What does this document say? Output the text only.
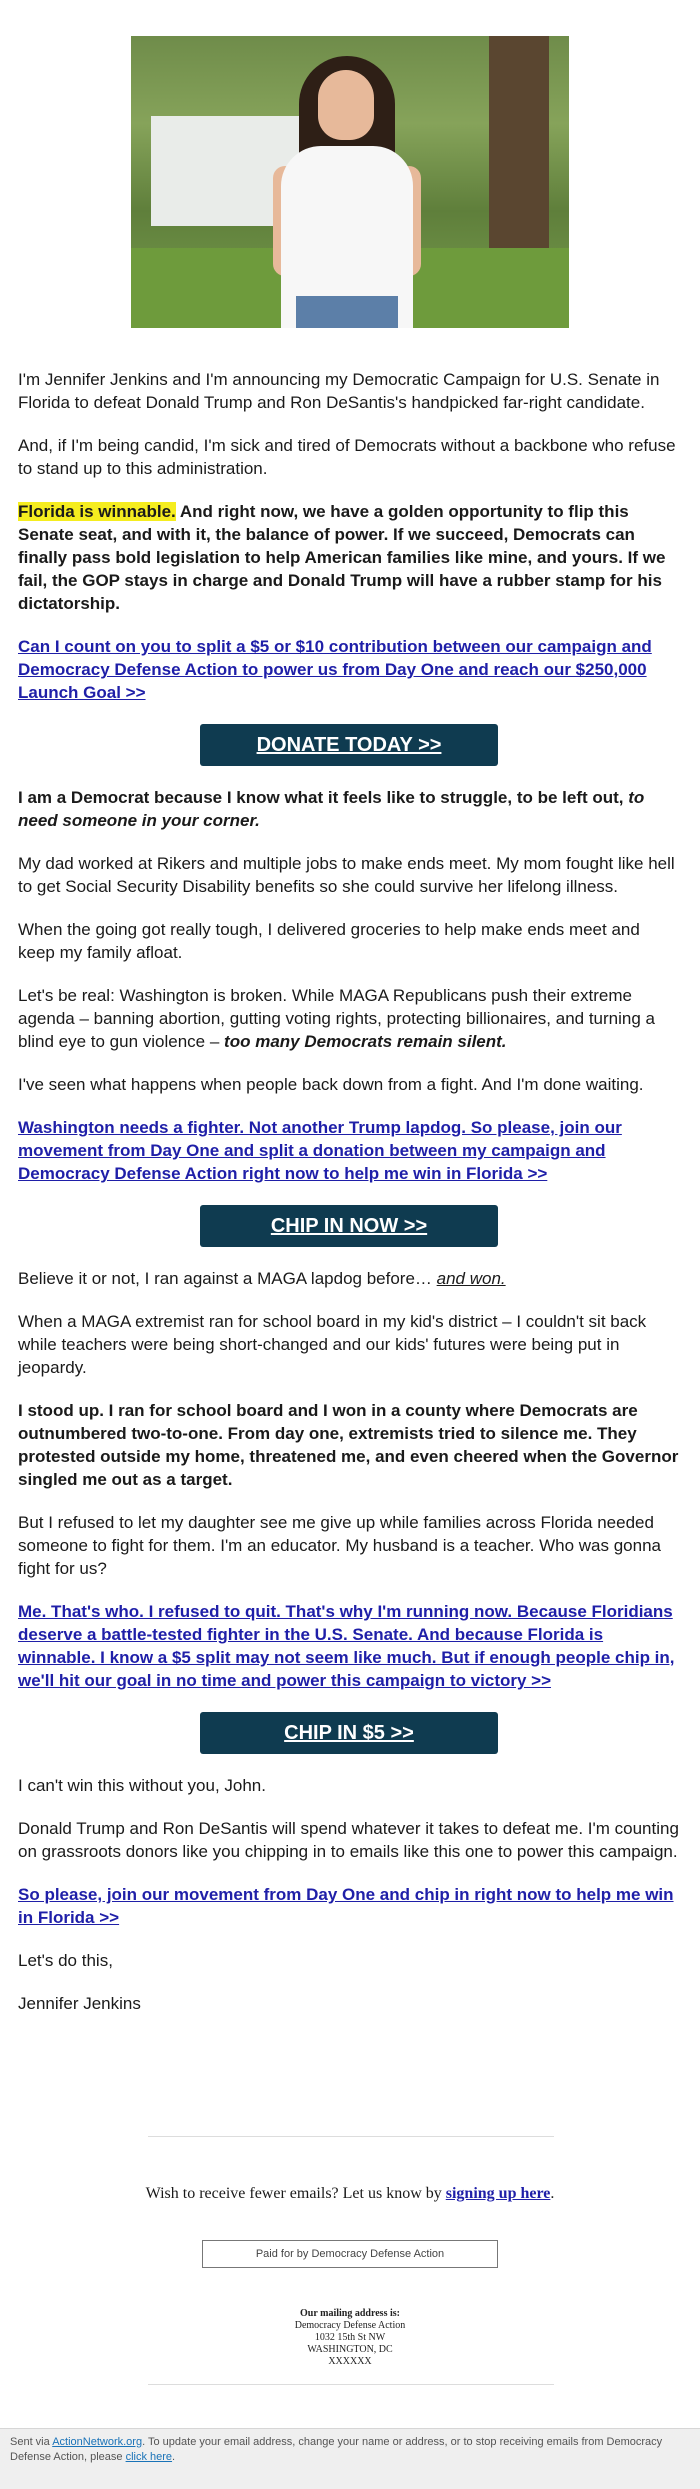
I'm Jennifer Jenkins and I'm announcing my Democratic Campaign for U.S. Senate in Florida to defeat Donald Trump and Ron DeSantis's handpicked far-right candidate.

And, if I'm being candid, I'm sick and tired of Democrats without a backbone who refuse to stand up to this administration.

Florida is winnable. And right now, we have a golden opportunity to flip this Senate seat, and with it, the balance of power. If we succeed, Democrats can finally pass bold legislation to help American families like mine, and yours. If we fail, the GOP stays in charge and Donald Trump will have a rubber stamp for his dictatorship.

Can I count on you to split a $5 or $10 contribution between our campaign and Democracy Defense Action to power us from Day One and reach our $250,000 Launch Goal >>

DONATE TODAY >>

I am a Democrat because I know what it feels like to struggle, to be left out, to need someone in your corner.

My dad worked at Rikers and multiple jobs to make ends meet. My mom fought like hell to get Social Security Disability benefits so she could survive her lifelong illness.

When the going got really tough, I delivered groceries to help make ends meet and keep my family afloat.

Let's be real: Washington is broken. While MAGA Republicans push their extreme agenda – banning abortion, gutting voting rights, protecting billionaires, and turning a blind eye to gun violence – too many Democrats remain silent.

I've seen what happens when people back down from a fight. And I'm done waiting.

Washington needs a fighter. Not another Trump lapdog. So please, join our movement from Day One and split a donation between my campaign and Democracy Defense Action right now to help me win in Florida >>

CHIP IN NOW >>

Believe it or not, I ran against a MAGA lapdog before… and won.

When a MAGA extremist ran for school board in my kid's district – I couldn't sit back while teachers were being short-changed and our kids' futures were being put in jeopardy.

I stood up. I ran for school board and I won in a county where Democrats are outnumbered two-to-one. From day one, extremists tried to silence me. They protested outside my home, threatened me, and even cheered when the Governor singled me out as a target.

But I refused to let my daughter see me give up while families across Florida needed someone to fight for them. I'm an educator. My husband is a teacher. Who was gonna fight for us?

Me. That's who. I refused to quit. That's why I'm running now. Because Floridians deserve a battle-tested fighter in the U.S. Senate. And because Florida is winnable. I know a $5 split may not seem like much. But if enough people chip in, we'll hit our goal in no time and power this campaign to victory >>

CHIP IN $5 >>

I can't win this without you, John.

Donald Trump and Ron DeSantis will spend whatever it takes to defeat me. I'm counting on grassroots donors like you chipping in to emails like this one to power this campaign.

So please, join our movement from Day One and chip in right now to help me win in Florida >>

Let's do this,

Jennifer Jenkins

Wish to receive fewer emails? Let us know by signing up here.
Paid for by Democracy Defense Action
Our mailing address is:
Democracy Defense Action
1032 15th St NW
WASHINGTON, DC
XXXXXX
Sent via ActionNetwork.org. To update your email address, change your name or address, or to stop receiving emails from Democracy Defense Action, please click here.
